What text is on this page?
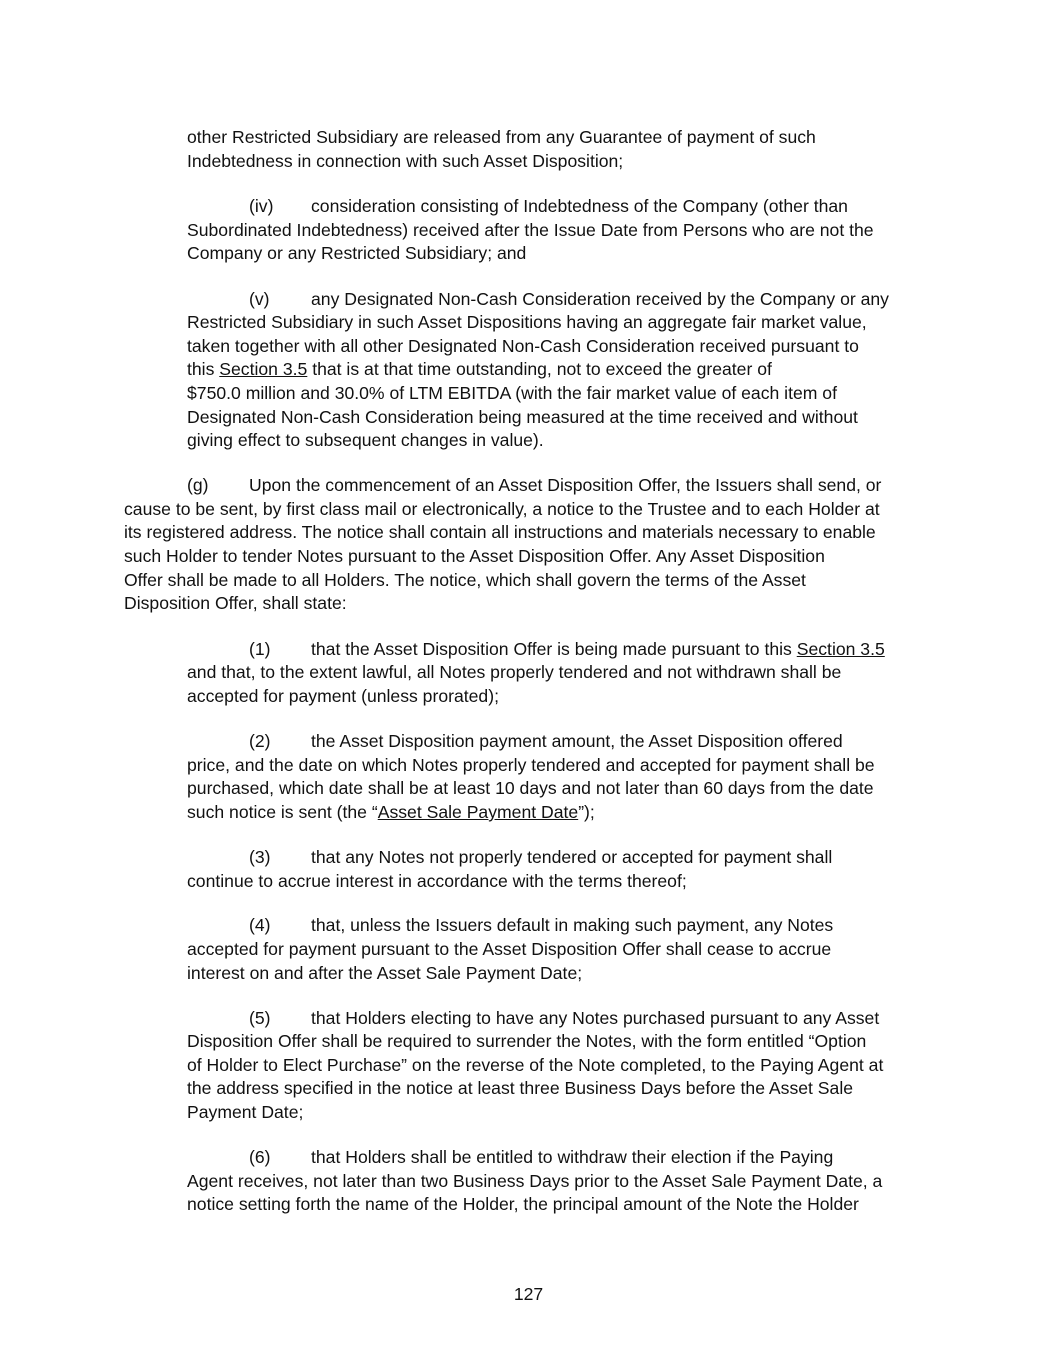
other Restricted Subsidiary are released from any Guarantee of payment of such
Indebtedness in connection with such Asset Disposition;
(iv) consideration consisting of Indebtedness of the Company (other than
Subordinated Indebtedness) received after the Issue Date from Persons who are not the
Company or any Restricted Subsidiary; and
(v) any Designated Non-Cash Consideration received by the Company or any
Restricted Subsidiary in such Asset Dispositions having an aggregate fair market value,
taken together with all other Designated Non-Cash Consideration received pursuant to
this Section 3.5 that is at that time outstanding, not to exceed the greater of
$750.0 million and 30.0% of LTM EBITDA (with the fair market value of each item of
Designated Non-Cash Consideration being measured at the time received and without
giving effect to subsequent changes in value).
(g) Upon the commencement of an Asset Disposition Offer, the Issuers shall send, or
cause to be sent, by first class mail or electronically, a notice to the Trustee and to each Holder at
its registered address. The notice shall contain all instructions and materials necessary to enable
such Holder to tender Notes pursuant to the Asset Disposition Offer. Any Asset Disposition
Offer shall be made to all Holders. The notice, which shall govern the terms of the Asset
Disposition Offer, shall state:
(1) that the Asset Disposition Offer is being made pursuant to this Section 3.5
and that, to the extent lawful, all Notes properly tendered and not withdrawn shall be
accepted for payment (unless prorated);
(2) the Asset Disposition payment amount, the Asset Disposition offered
price, and the date on which Notes properly tendered and accepted for payment shall be
purchased, which date shall be at least 10 days and not later than 60 days from the date
such notice is sent (the “Asset Sale Payment Date”);
(3) that any Notes not properly tendered or accepted for payment shall
continue to accrue interest in accordance with the terms thereof;
(4) that, unless the Issuers default in making such payment, any Notes
accepted for payment pursuant to the Asset Disposition Offer shall cease to accrue
interest on and after the Asset Sale Payment Date;
(5) that Holders electing to have any Notes purchased pursuant to any Asset
Disposition Offer shall be required to surrender the Notes, with the form entitled “Option
of Holder to Elect Purchase” on the reverse of the Note completed, to the Paying Agent at
the address specified in the notice at least three Business Days before the Asset Sale
Payment Date;
(6) that Holders shall be entitled to withdraw their election if the Paying
Agent receives, not later than two Business Days prior to the Asset Sale Payment Date, a
notice setting forth the name of the Holder, the principal amount of the Note the Holder
127
